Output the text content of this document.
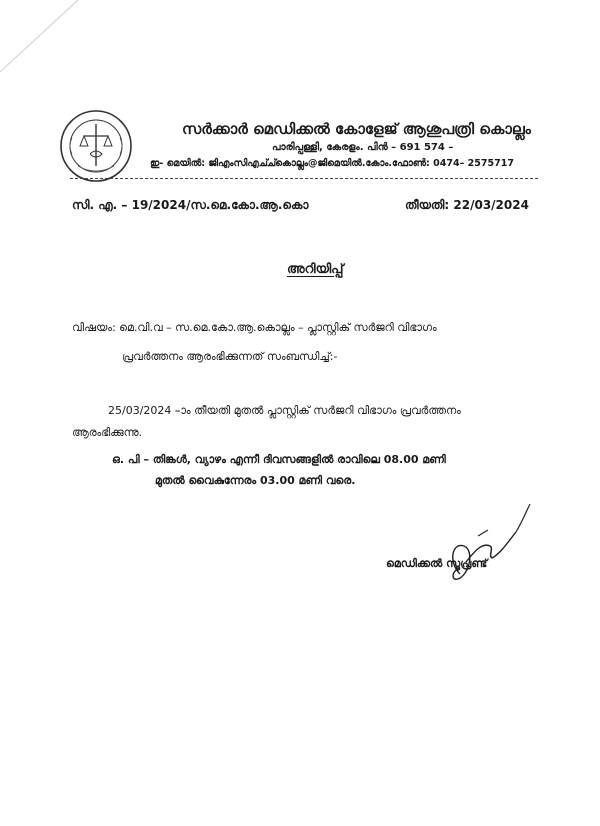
സർക്കാർ മെഡിക്കൽ കോളേജ് ആശുപത്രി കൊല്ലം
പാരിപ്പള്ളി, കേരളം. പിൻ – 691 574 –
ഇ- മെയിൽ: ജിഎംസിഎച്ച്കൊല്ലം@ജിമെയിൽ.കോം.ഫോൺ: 0474– 2575717
സി. എ. – 19/2024/സ.മെ.കോ.ആ.കൊ	തീയതി: 22/03/2024
അറിയിപ്പ്
വിഷയം: മെ.വി.വ – സ.മെ.കോ.ആ.കൊല്ലം – പ്ലാസ്റ്റിക് സർജറി വിഭാഗം
പ്രവർത്തനം ആരംഭിക്കുന്നത് സംബന്ധിച്ച്:-
25/03/2024 –ാം തീയതി മുതൽ പ്ലാസ്റ്റിക് സർജറി വിഭാഗം പ്രവർത്തനം
ആരംഭിക്കുന്നു.
ഒ. പി – തിങ്കൾ, വ്യാഴം എന്നീ ദിവസങ്ങളിൽ രാവിലെ 08.00 മണി
മുതൽ വൈകുന്നേരം 03.00 മണി വരെ.
മെഡിക്കൽ സൂപ്രണ്ട്
